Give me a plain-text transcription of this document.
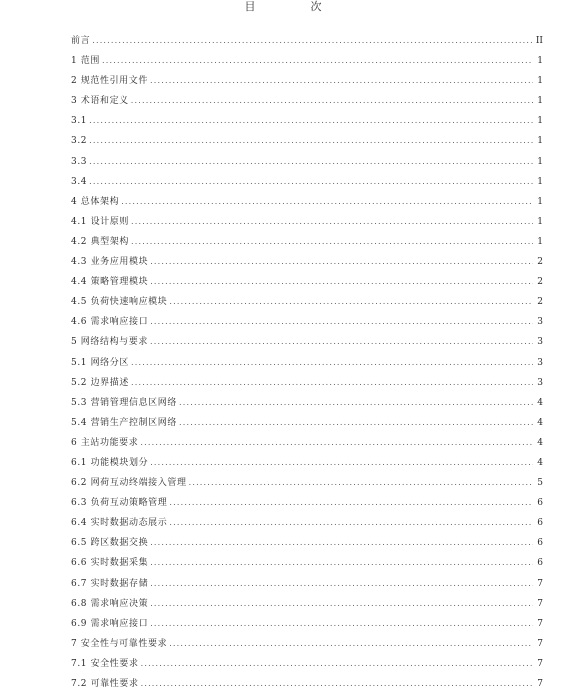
目　次
前言 .....	II
1 范围 .....	1
2 规范性引用文件 .....	1
3 术语和定义 .....	1
3.1 .....	1
3.2 .....	1
3.3 .....	1
3.4 .....	1
4 总体架构 .....	1
4.1 设计原则 .....	1
4.2 典型架构 .....	1
4.3 业务应用模块 .....	2
4.4 策略管理模块 .....	2
4.5 负荷快速响应模块 .....	2
4.6 需求响应接口 .....	3
5 网络结构与要求 .....	3
5.1 网络分区 .....	3
5.2 边界描述 .....	3
5.3 营销管理信息区网络 .....	4
5.4 营销生产控制区网络 .....	4
6 主站功能要求 .....	4
6.1 功能模块划分 .....	4
6.2 网荷互动终端接入管理 .....	5
6.3 负荷互动策略管理 .....	6
6.4 实时数据动态展示 .....	6
6.5 跨区数据交换 .....	6
6.6 实时数据采集 .....	6
6.7 实时数据存储 .....	7
6.8 需求响应决策 .....	7
6.9 需求响应接口 .....	7
7 安全性与可靠性要求 .....	7
7.1 安全性要求 .....	7
7.2 可靠性要求 .....	7
